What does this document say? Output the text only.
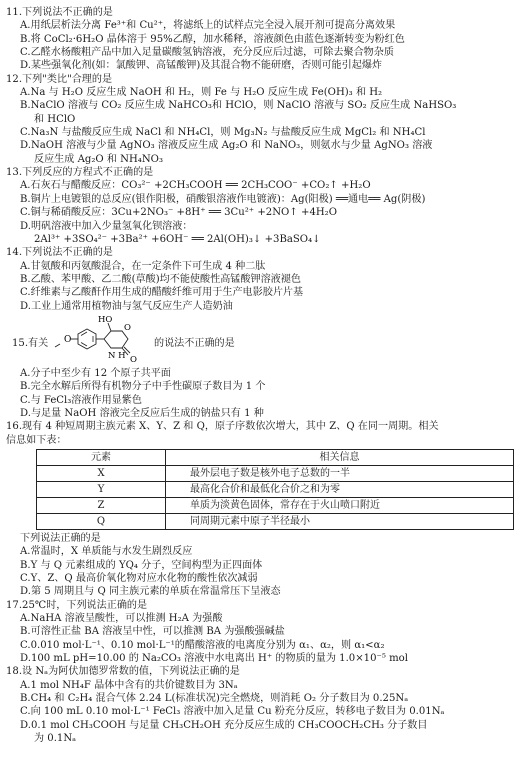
11.下列说法不正确的是
A.用纸层析法分离 Fe³⁺和 Cu²⁺，将滤纸上的试样点完全浸入展开剂可提高分离效果
B.将 CoCl₂·6H₂O 晶体溶于 95%乙醇，加水稀释，溶液颜色由蓝色逐渐转变为粉红色
C.乙醛水杨酸粗产品中加入足量碳酸氢钠溶液，充分反应后过滤，可除去聚合物杂质
D.某些强氧化剂(如：氯酸钾、高锰酸钾)及其混合物不能研磨，否则可能引起爆炸
12.下列"类比"合理的是
A.Na 与 H₂O 反应生成 NaOH 和 H₂，则 Fe 与 H₂O 反应生成 Fe(OH)₃ 和 H₂
B.NaClO 溶液与 CO₂ 反应生成 NaHCO₃和 HClO，则 NaClO 溶液与 SO₂ 反应生成 NaHSO₃
和 HClO
C.Na₃N 与盐酸反应生成 NaCl 和 NH₄Cl，则 Mg₃N₂ 与盐酸反应生成 MgCl₂ 和 NH₄Cl
D.NaOH 溶液与少量 AgNO₃ 溶液反应生成 Ag₂O 和 NaNO₃，则氨水与少量 AgNO₃ 溶液
反应生成 Ag₂O 和 NH₄NO₃
13.下列反应的方程式不正确的是
A.石灰石与醋酸反应：CO₃²⁻ +2CH₃COOH ══ 2CH₃COO⁻ +CO₂↑ +H₂O
B.铜片上电镀银的总反应(银作阳极，硝酸银溶液作电镀液)：Ag(阳极) ══通电══ Ag(阴极)
C.铜与稀硝酸反应：3Cu+2NO₃⁻ +8H⁺ ══ 3Cu²⁺ +2NO↑ +4H₂O
D.明矾溶液中加入少量氢氧化钡溶液：
2Al³⁺ +3SO₄²⁻ +3Ba²⁺ +6OH⁻ ══ 2Al(OH)₃↓ +3BaSO₄↓
14.下列说法不正确的是
A.甘氨酸和丙氨酸混合，在一定条件下可生成 4 种二肽
B.乙酸、苯甲酸、乙二酸(草酸)均不能使酸性高锰酸钾溶液褪色
C.纤维素与乙酸酐作用生成的醋酸纤维可用于生产电影胶片片基
D.工业上通常用植物油与氢气反应生产人造奶油
15.有关 O
HO
O
N H O
的说法不正确的是
A.分子中至少有 12 个原子共平面
B.完全水解后所得有机物分子中手性碳原子数目为 1 个
C.与 FeCl₃溶液作用显紫色
D.与足量 NaOH 溶液完全反应后生成的钠盐只有 1 种
16.现有 4 种短周期主族元素 X、Y、Z 和 Q，原子序数依次增大，其中 Z、Q 在同一周期。相关
信息如下表：
元素	相关信息
X	最外层电子数是核外电子总数的一半
Y	最高化合价和最低化合价之和为零
Z	单质为淡黄色固体，常存在于火山喷口附近
Q	同周期元素中原子半径最小
下列说法正确的是
A.常温时，X 单质能与水发生剧烈反应
B.Y 与 Q 元素组成的 YQ₄ 分子，空间构型为正四面体
C.Y、Z、Q 最高价氧化物对应水化物的酸性依次减弱
D.第 5 周期且与 Q 同主族元素的单质在常温常压下呈液态
17.25℃时，下列说法正确的是
A.NaHA 溶液呈酸性，可以推测 H₂A 为强酸
B.可溶性正盐 BA 溶液呈中性，可以推测 BA 为强酸强碱盐
C.0.010 mol·L⁻¹、0.10 mol·L⁻¹的醋酸溶液的电离度分别为 α₁、α₂，则 α₁<α₂
D.100 mL pH=10.00 的 Na₂CO₃ 溶液中水电离出 H⁺ 的物质的量为 1.0×10⁻⁵ mol
18.设 Nₐ为阿伏加德罗常数的值，下列说法正确的是
A.1 mol NH₄F 晶体中含有的共价键数目为 3Nₐ
B.CH₄ 和 C₂H₄ 混合气体 2.24 L(标准状况)完全燃烧，则消耗 O₂ 分子数目为 0.25Nₐ
C.向 100 mL 0.10 mol·L⁻¹ FeCl₃ 溶液中加入足量 Cu 粉充分反应，转移电子数目为 0.01Nₐ
D.0.1 mol CH₃COOH 与足量 CH₃CH₂OH 充分反应生成的 CH₃COOCH₂CH₃ 分子数目
为 0.1Nₐ
